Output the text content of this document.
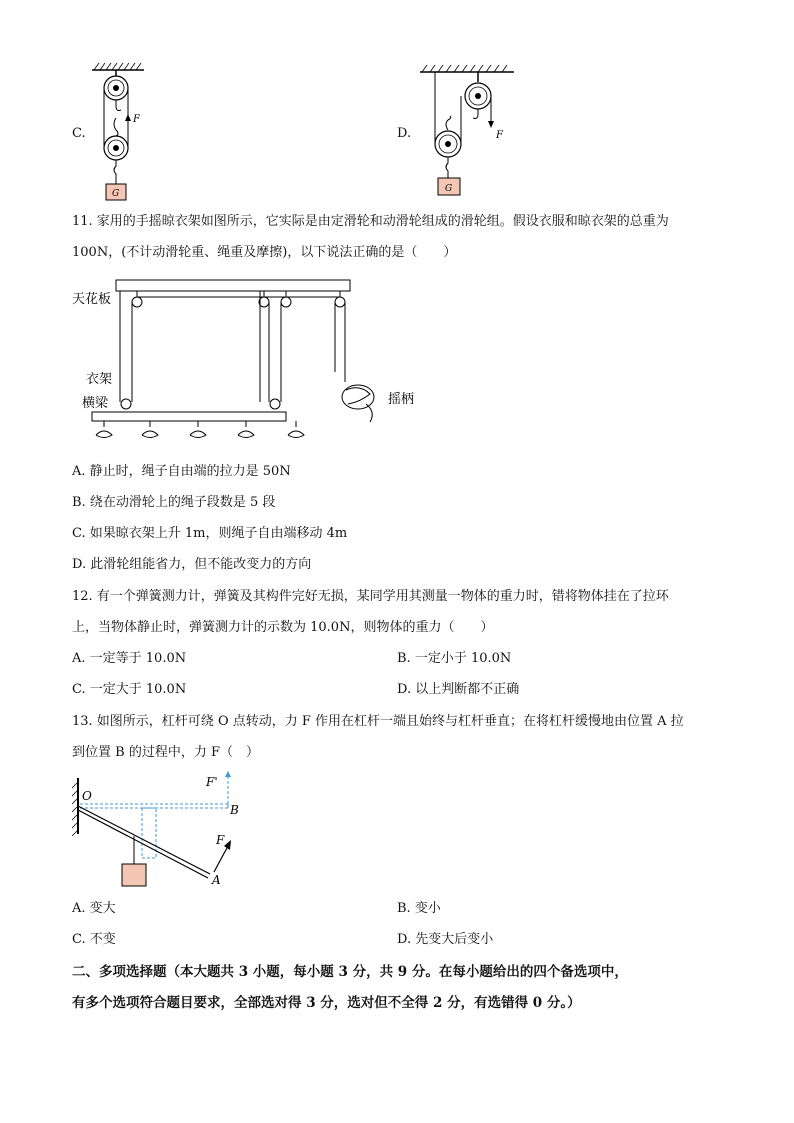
C.
F
G
D.	F
G
11. 家用的手摇晾衣架如图所示，它实际是由定滑轮和动滑轮组成的滑轮组。假设衣服和晾衣架的总重为
100N，(不计动滑轮重、绳重及摩擦)，以下说法正确的是（　　）
天花板
摇柄
衣架
横梁
A. 静止时，绳子自由端的拉力是 50N
B. 绕在动滑轮上的绳子段数是 5 段
C. 如果晾衣架上升 1m，则绳子自由端移动 4m
D. 此滑轮组能省力，但不能改变力的方向
12. 有一个弹簧测力计，弹簧及其构件完好无损，某同学用其测量一物体的重力时，错将物体挂在了拉环
上，当物体静止时，弹簧测力计的示数为 10.0N，则物体的重力（　　）
A. 一定等于 10.0N	B. 一定小于 10.0N
C. 一定大于 10.0N	D. 以上判断都不正确
13. 如图所示，杠杆可绕 O 点转动，力 F 作用在杠杆一端且始终与杠杆垂直；在将杠杆缓慢地由位置 A 拉
到位置 B 的过程中，力 F（　）
O
F'
B
F
A
A. 变大	B. 变小
C. 不变	D. 先变大后变小
二、多项选择题（本大题共 3 小题，每小题 3 分，共 9 分。在每小题给出的四个备选项中，
有多个选项符合题目要求，全部选对得 3 分，选对但不全得 2 分，有选错得 0 分。）
